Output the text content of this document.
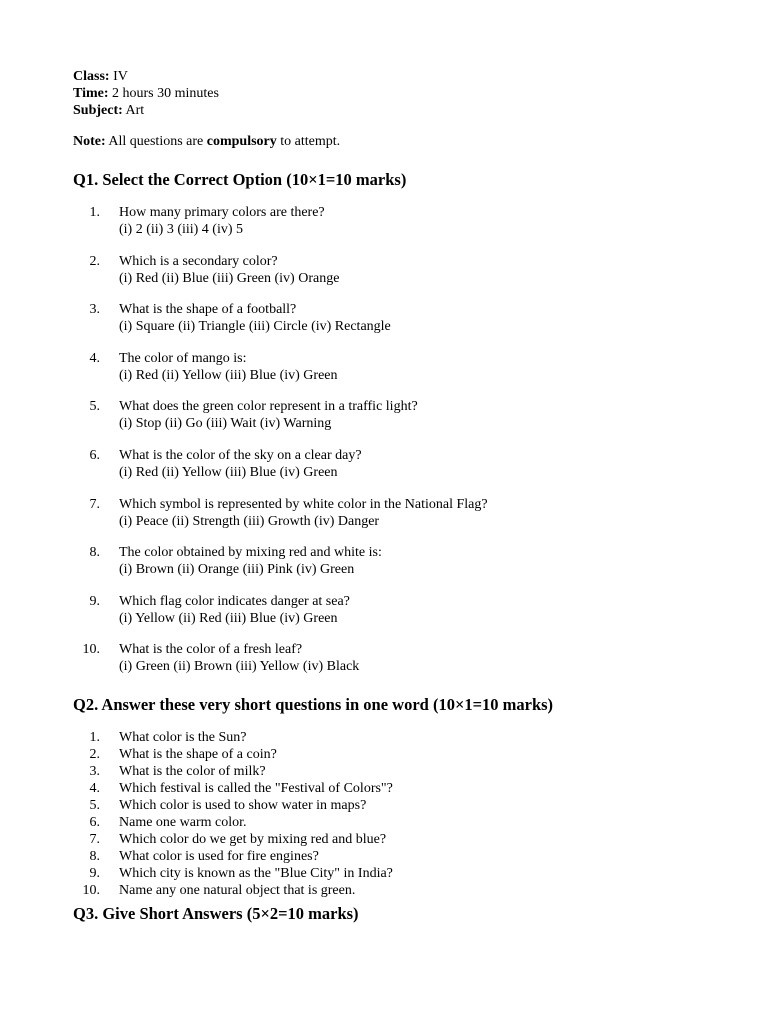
Class: IV
Time: 2 hours 30 minutes
Subject: Art
Note: All questions are compulsory to attempt.
Q1. Select the Correct Option (10×1=10 marks)
1. How many primary colors are there?
(i) 2 (ii) 3 (iii) 4 (iv) 5
2. Which is a secondary color?
(i) Red (ii) Blue (iii) Green (iv) Orange
3. What is the shape of a football?
(i) Square (ii) Triangle (iii) Circle (iv) Rectangle
4. The color of mango is:
(i) Red (ii) Yellow (iii) Blue (iv) Green
5. What does the green color represent in a traffic light?
(i) Stop (ii) Go (iii) Wait (iv) Warning
6. What is the color of the sky on a clear day?
(i) Red (ii) Yellow (iii) Blue (iv) Green
7. Which symbol is represented by white color in the National Flag?
(i) Peace (ii) Strength (iii) Growth (iv) Danger
8. The color obtained by mixing red and white is:
(i) Brown (ii) Orange (iii) Pink (iv) Green
9. Which flag color indicates danger at sea?
(i) Yellow (ii) Red (iii) Blue (iv) Green
10. What is the color of a fresh leaf?
(i) Green (ii) Brown (iii) Yellow (iv) Black
Q2. Answer these very short questions in one word (10×1=10 marks)
1. What color is the Sun?
2. What is the shape of a coin?
3. What is the color of milk?
4. Which festival is called the "Festival of Colors"?
5. Which color is used to show water in maps?
6. Name one warm color.
7. Which color do we get by mixing red and blue?
8. What color is used for fire engines?
9. Which city is known as the "Blue City" in India?
10. Name any one natural object that is green.
Q3. Give Short Answers (5×2=10 marks)
